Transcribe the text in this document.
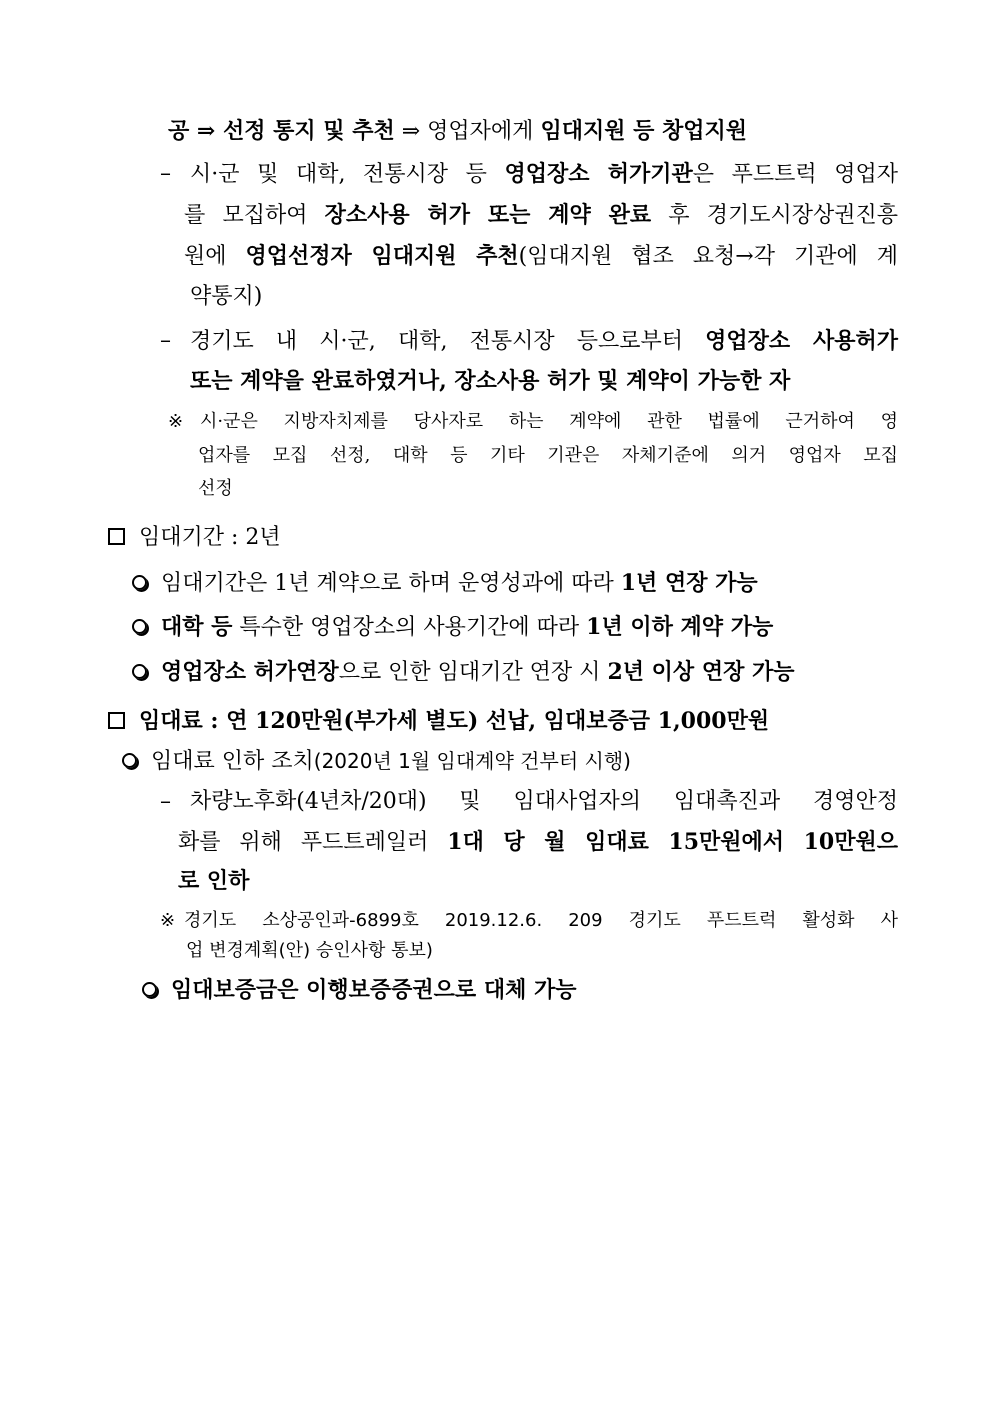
공 ⇒ 선정 통지 및 추천 ⇒ 영업자에게 임대지원 등 창업지원
– 시·군 및 대학, 전통시장 등 영업장소 허가기관은 푸드트럭 영업자
를 모집하여 장소사용 허가 또는 계약 완료 후 경기도시장상권진흥
원에 영업선정자 임대지원 추천(임대지원 협조 요청→각 기관에 계
약통지)
– 경기도 내 시·군, 대학, 전통시장 등으로부터 영업장소 사용허가
또는 계약을 완료하였거나, 장소사용 허가 및 계약이 가능한 자
※ 시·군은 지방자치제를 당사자로 하는 계약에 관한 법률에 근거하여 영
업자를 모집 선정, 대학 등 기타 기관은 자체기준에 의거 영업자 모집
선정
임대기간 : 2년
임대기간은 1년 계약으로 하며 운영성과에 따라 1년 연장 가능
대학 등 특수한 영업장소의 사용기간에 따라 1년 이하 계약 가능
영업장소 허가연장으로 인한 임대기간 연장 시 2년 이상 연장 가능
임대료 : 연 120만원(부가세 별도) 선납, 임대보증금 1,000만원
임대료 인하 조치(2020년 1월 임대계약 건부터 시행)
– 차량노후화(4년차/20대) 및 임대사업자의 임대촉진과 경영안정
화를 위해 푸드트레일러 1대 당 월 임대료 15만원에서 10만원으
로 인하
※ 경기도 소상공인과-6899호 2019.12.6. 209 경기도 푸드트럭 활성화 사
업 변경계획(안) 승인사항 통보)
임대보증금은 이행보증증권으로 대체 가능
